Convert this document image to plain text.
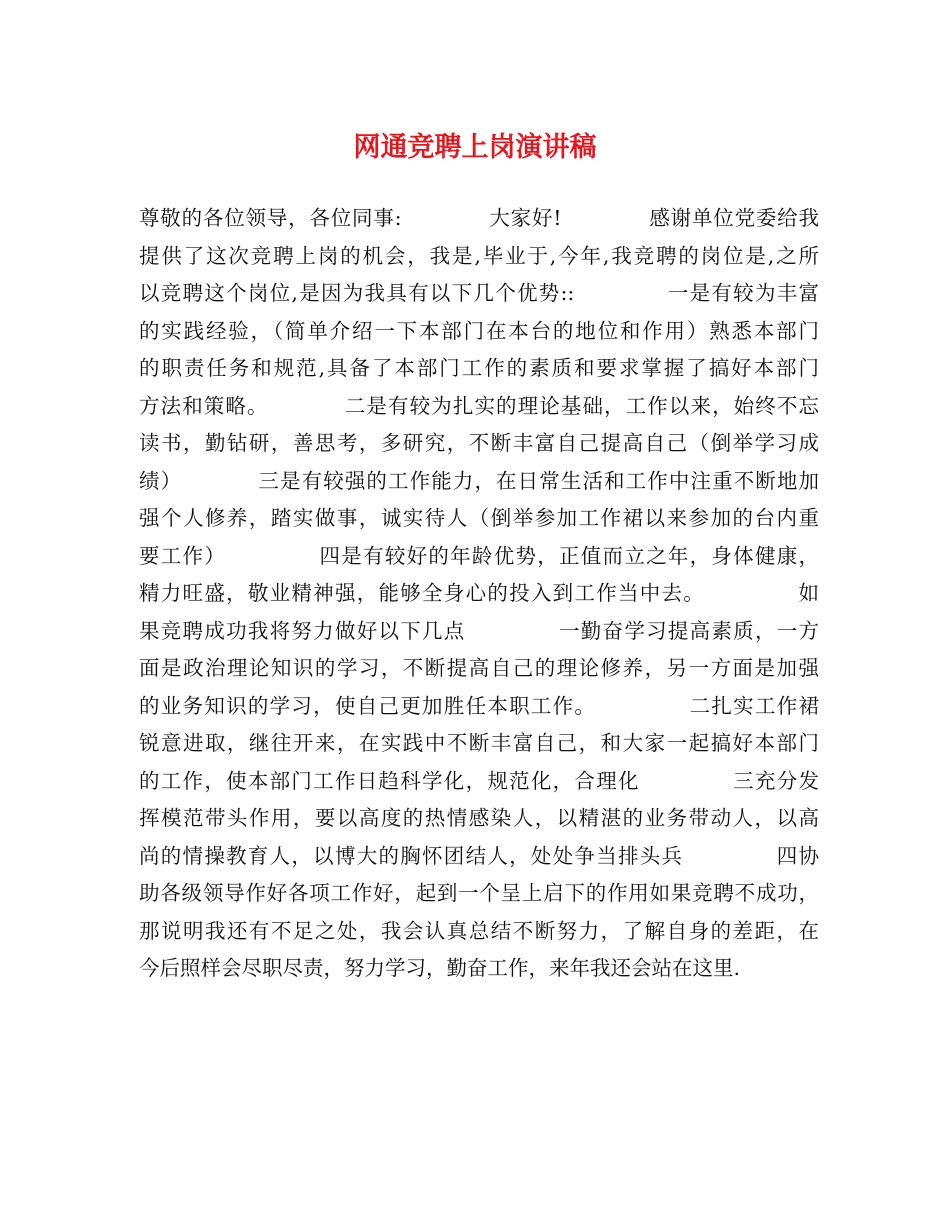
网通竞聘上岗演讲稿
尊敬的各位领导，各位同事:            大家好!            感谢单位党委给我
提供了这次竞聘上岗的机会，我是,毕业于,今年,我竞聘的岗位是,之所
以竞聘这个岗位,是因为我具有以下几个优势::            一是有较为丰富
的实践经验，（简单介绍一下本部门在本台的地位和作用）熟悉本部门
的职责任务和规范,具备了本部门工作的素质和要求掌握了搞好本部门
方法和策略。          二是有较为扎实的理论基础，工作以来，始终不忘
读书，勤钻研，善思考，多研究，不断丰富自己提高自己（倒举学习成
绩）          三是有较强的工作能力，在日常生活和工作中注重不断地加
强个人修养，踏实做事，诚实待人（倒举参加工作裙以来参加的台内重
要工作）            四是有较好的年龄优势，正值而立之年，身体健康，
精力旺盛，敬业精神强，能够全身心的投入到工作当中去。            如
果竞聘成功我将努力做好以下几点            一勤奋学习提高素质，一方
面是政治理论知识的学习，不断提高自己的理论修养，另一方面是加强
的业务知识的学习，使自己更加胜任本职工作。            二扎实工作裙
锐意进取，继往开来，在实践中不断丰富自己，和大家一起搞好本部门
的工作，使本部门工作日趋科学化，规范化，合理化            三充分发
挥模范带头作用，要以高度的热情感染人，以精湛的业务带动人，以高
尚的情操教育人，以博大的胸怀团结人，处处争当排头兵            四协
助各级领导作好各项工作好，起到一个呈上启下的作用如果竞聘不成功，
那说明我还有不足之处，我会认真总结不断努力，了解自身的差距，在
今后照样会尽职尽责，努力学习，勤奋工作，来年我还会站在这里.
